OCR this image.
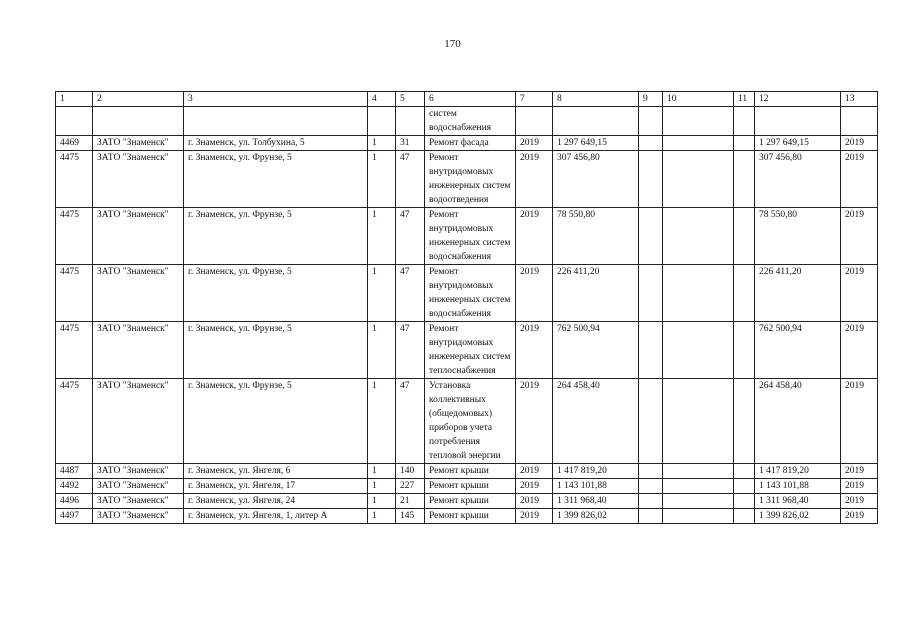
170
1	2	3	4	5	6	7	8	9	10	11	12	13
					систем водоснабжения							
4469	ЗАТО "Знаменск"	г. Знаменск, ул. Толбухина, 5	1	31	Ремонт фасада	2019	1 297 649,15				1 297 649,15	2019
4475	ЗАТО "Знаменск"	г. Знаменск, ул. Фрунзе, 5	1	47	Ремонт внутридомовых инженерных систем водоотведения	2019	307 456,80				307 456,80	2019
4475	ЗАТО "Знаменск"	г. Знаменск, ул. Фрунзе, 5	1	47	Ремонт внутридомовых инженерных систем водоснабжения	2019	78 550,80				78 550,80	2019
4475	ЗАТО "Знаменск"	г. Знаменск, ул. Фрунзе, 5	1	47	Ремонт внутридомовых инженерных систем водоснабжения	2019	226 411,20				226 411,20	2019
4475	ЗАТО "Знаменск"	г. Знаменск, ул. Фрунзе, 5	1	47	Ремонт внутридомовых инженерных систем теплоснабжения	2019	762 500,94				762 500,94	2019
4475	ЗАТО "Знаменск"	г. Знаменск, ул. Фрунзе, 5	1	47	Установка коллективных (общедомовых) приборов учета потребления тепловой энергии	2019	264 458,40				264 458,40	2019
4487	ЗАТО "Знаменск"	г. Знаменск, ул. Янгеля, 6	1	140	Ремонт крыши	2019	1 417 819,20				1 417 819,20	2019
4492	ЗАТО "Знаменск"	г. Знаменск, ул. Янгеля, 17	1	227	Ремонт крыши	2019	1 143 101,88				1 143 101,88	2019
4496	ЗАТО "Знаменск"	г. Знаменск, ул. Янгеля, 24	1	21	Ремонт крыши	2019	1 311 968,40				1 311 968,40	2019
4497	ЗАТО "Знаменск"	г. Знаменск, ул. Янгеля, 1, литер А	1	145	Ремонт крыши	2019	1 399 826,02				1 399 826,02	2019
